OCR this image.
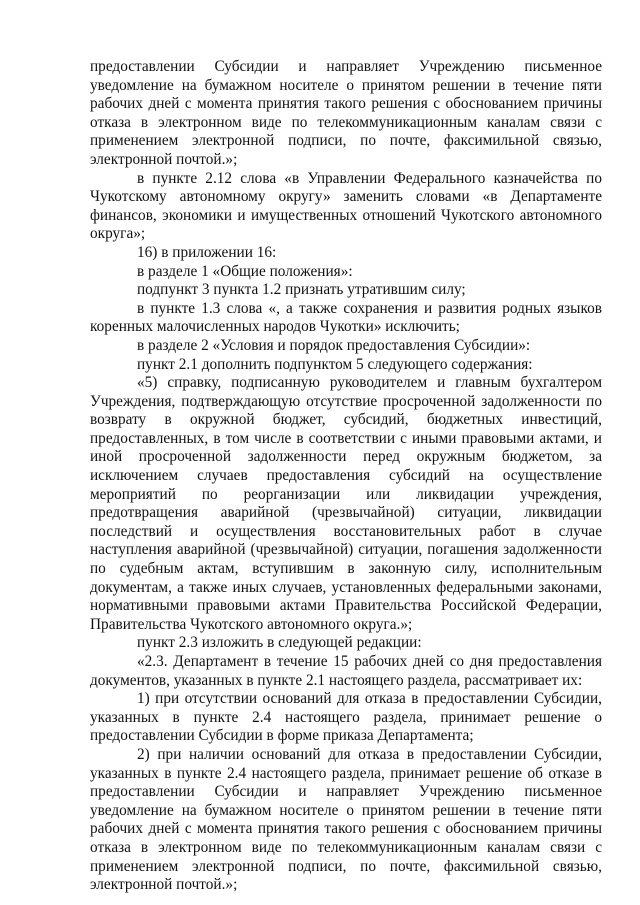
предоставлении Субсидии и направляет Учреждению письменное уведомление на бумажном носителе о принятом решении в течение пяти рабочих дней с момента принятия такого решения с обоснованием причины отказа в электронном виде по телекоммуникационным каналам связи с применением электронной подписи, по почте, факсимильной связью, электронной почтой.»;

в пункте 2.12 слова «в Управлении Федерального казначейства по Чукотскому автономному округу» заменить словами «в Департаменте финансов, экономики и имущественных отношений Чукотского автономного округа»;

16) в приложении 16:

в разделе 1 «Общие положения»:

подпункт 3 пункта 1.2 признать утратившим силу;

в пункте 1.3 слова «, а также сохранения и развития родных языков коренных малочисленных народов Чукотки» исключить;

в разделе 2 «Условия и порядок предоставления Субсидии»:

пункт 2.1 дополнить подпунктом 5 следующего содержания:

«5) справку, подписанную руководителем и главным бухгалтером Учреждения, подтверждающую отсутствие просроченной задолженности по возврату в окружной бюджет, субсидий, бюджетных инвестиций, предоставленных, в том числе в соответствии с иными правовыми актами, и иной просроченной задолженности перед окружным бюджетом, за исключением случаев предоставления субсидий на осуществление мероприятий по реорганизации или ликвидации учреждения, предотвращения аварийной (чрезвычайной) ситуации, ликвидации последствий и осуществления восстановительных работ в случае наступления аварийной (чрезвычайной) ситуации, погашения задолженности по судебным актам, вступившим в законную силу, исполнительным документам, а также иных случаев, установленных федеральными законами, нормативными правовыми актами Правительства Российской Федерации, Правительства Чукотского автономного округа.»;

пункт 2.3 изложить в следующей редакции:

«2.3. Департамент в течение 15 рабочих дней со дня предоставления документов, указанных в пункте 2.1 настоящего раздела, рассматривает их:

1) при отсутствии оснований для отказа в предоставлении Субсидии, указанных в пункте 2.4 настоящего раздела, принимает решение о предоставлении Субсидии в форме приказа Департамента;

2) при наличии оснований для отказа в предоставлении Субсидии, указанных в пункте 2.4 настоящего раздела, принимает решение об отказе в предоставлении Субсидии и направляет Учреждению письменное уведомление на бумажном носителе о принятом решении в течение пяти рабочих дней с момента принятия такого решения с обоснованием причины отказа в электронном виде по телекоммуникационным каналам связи с применением электронной подписи, по почте, факсимильной связью, электронной почтой.»;
